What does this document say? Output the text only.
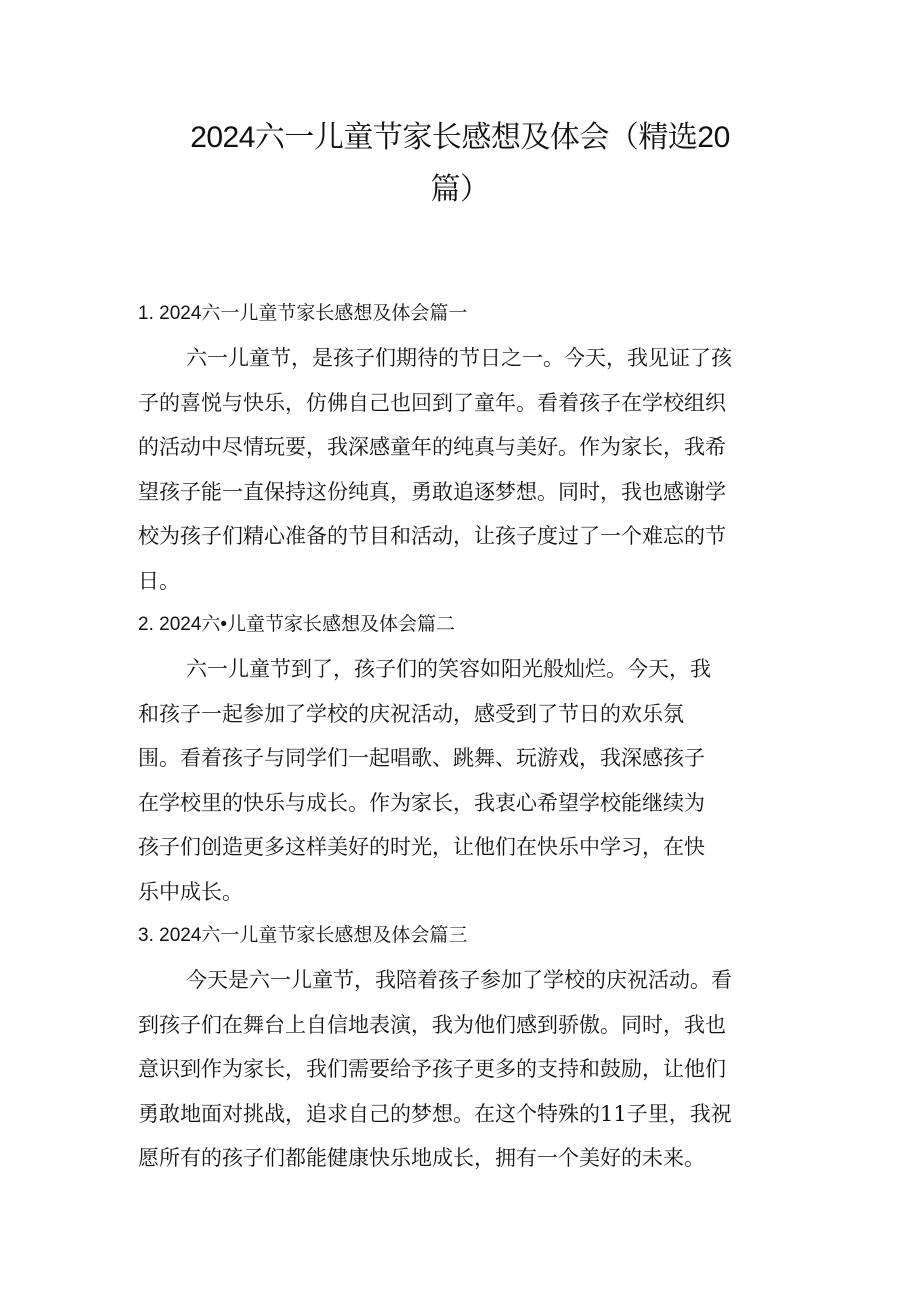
2024六一儿童节家长感想及体会（精选20
篇）
1. 2024六一儿童节家长感想及体会篇一
六一儿童节，是孩子们期待的节日之一。今天，我见证了孩
子的喜悦与快乐，仿佛自己也回到了童年。看着孩子在学校组织
的活动中尽情玩要，我深感童年的纯真与美好。作为家长，我希
望孩子能一直保持这份纯真，勇敢追逐梦想。同时，我也感谢学
校为孩子们精心准备的节目和活动，让孩子度过了一个难忘的节
日。
2. 2024六•儿童节家长感想及体会篇二
六一儿童节到了，孩子们的笑容如阳光般灿烂。今天，我
和孩子一起参加了学校的庆祝活动，感受到了节日的欢乐氛
围。看着孩子与同学们一起唱歌、跳舞、玩游戏，我深感孩子
在学校里的快乐与成长。作为家长，我衷心希望学校能继续为
孩子们创造更多这样美好的时光，让他们在快乐中学习，在快
乐中成长。
3. 2024六一儿童节家长感想及体会篇三
今天是六一儿童节，我陪着孩子参加了学校的庆祝活动。看
到孩子们在舞台上自信地表演，我为他们感到骄傲。同时，我也
意识到作为家长，我们需要给予孩子更多的支持和鼓励，让他们
勇敢地面对挑战，追求自己的梦想。在这个特殊的11子里，我祝
愿所有的孩子们都能健康快乐地成长，拥有一个美好的未来。
